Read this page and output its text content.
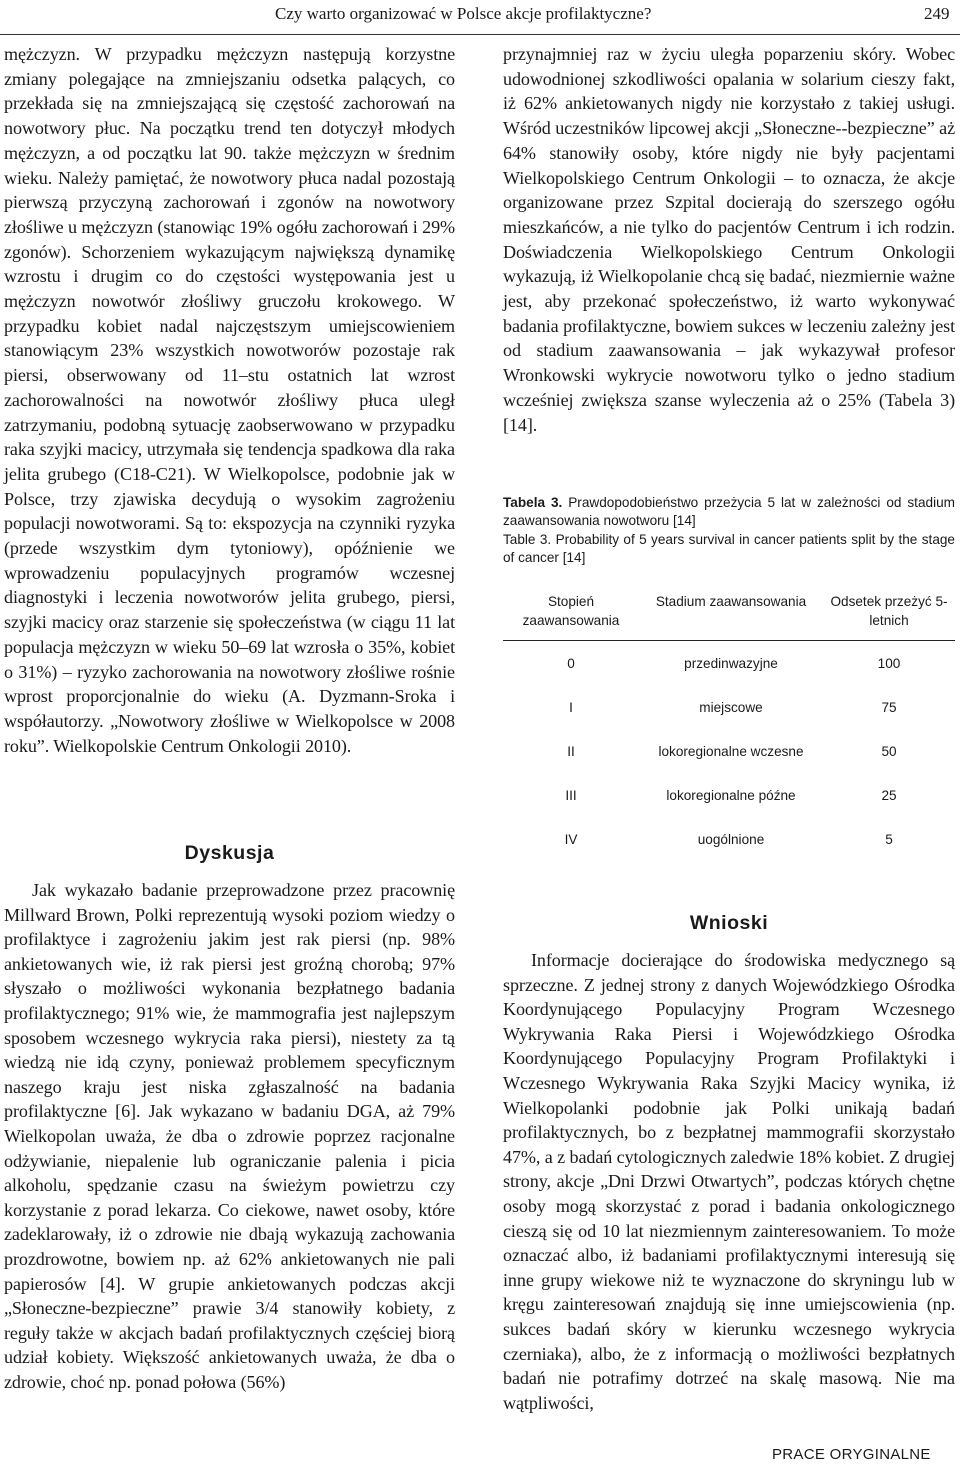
Czy warto organizować w Polsce akcje profilaktyczne?	249

mężczyzn. W przypadku mężczyzn następują korzystne zmiany polegające na zmniejszaniu odsetka palących, co przekłada się na zmniejszającą się częstość zachorowań na nowotwory płuc. Na początku trend ten dotyczył młodych mężczyzn, a od początku lat 90. także mężczyzn w średnim wieku. Należy pamiętać, że nowotwory płuca nadal pozostają pierwszą przyczyną zachorowań i zgonów na nowotwory złośliwe u mężczyzn (stanowiąc 19% ogółu zachorowań i 29% zgonów). Schorzeniem wykazującym największą dynamikę wzrostu i drugim co do częstości występowania jest u mężczyzn nowotwór złośliwy gruczołu krokowego. W przypadku kobiet nadal najczęstszym umiejscowieniem stanowiącym 23% wszystkich nowotworów pozostaje rak piersi, obserwowany od 11–stu ostatnich lat wzrost zachorowalności na nowotwór złośliwy płuca uległ zatrzymaniu, podobną sytuację zaobserwowano w przypadku raka szyjki macicy, utrzymała się tendencja spadkowa dla raka jelita grubego (C18-C21). W Wielkopolsce, podobnie jak w Polsce, trzy zjawiska decydują o wysokim zagrożeniu populacji nowotworami. Są to: ekspozycja na czynniki ryzyka (przede wszystkim dym tytoniowy), opóźnienie we wprowadzeniu populacyjnych programów wczesnej diagnostyki i leczenia nowotworów jelita grubego, piersi, szyjki macicy oraz starzenie się społeczeństwa (w ciągu 11 lat populacja mężczyzn w wieku 50–69 lat wzrosła o 35%, kobiet o 31%) – ryzyko zachorowania na nowotwory złośliwe rośnie wprost proporcjonalnie do wieku (A. Dyzmann-Sroka i współautorzy. „Nowotwory złośliwe w Wielkopolsce w 2008 roku”. Wielkopolskie Centrum Onkologii 2010).

Dyskusja

Jak wykazało badanie przeprowadzone przez pracownię Millward Brown, Polki reprezentują wysoki poziom wiedzy o profilaktyce i zagrożeniu jakim jest rak piersi (np. 98% ankietowanych wie, iż rak piersi jest groźną chorobą; 97% słyszało o możliwości wykonania bezpłatnego badania profilaktycznego; 91% wie, że mammografia jest najlepszym sposobem wczesnego wykrycia raka piersi), niestety za tą wiedzą nie idą czyny, ponieważ problemem specyficznym naszego kraju jest niska zgłaszalność na badania profilaktyczne [6]. Jak wykazano w badaniu DGA, aż 79% Wielkopolan uważa, że dba o zdrowie poprzez racjonalne odżywianie, niepalenie lub ograniczanie palenia i picia alkoholu, spędzanie czasu na świeżym powietrzu czy korzystanie z porad lekarza. Co ciekowe, nawet osoby, które zadeklarowały, iż o zdrowie nie dbają wykazują zachowania prozdrowotne, bowiem np. aż 62% ankietowanych nie pali papierosów [4]. W grupie ankietowanych podczas akcji „Słoneczne-bezpieczne” prawie 3/4 stanowiły kobiety, z reguły także w akcjach badań profilaktycznych częściej biorą udział kobiety. Większość ankietowanych uważa, że dba o zdrowie, choć np. ponad połowa (56%)

przynajmniej raz w życiu uległa poparzeniu skóry. Wobec udowodnionej szkodliwości opalania w solarium cieszy fakt, iż 62% ankietowanych nigdy nie korzystało z takiej usługi. Wśród uczestników lipcowej akcji „Słoneczne--bezpieczne” aż 64% stanowiły osoby, które nigdy nie były pacjentami Wielkopolskiego Centrum Onkologii – to oznacza, że akcje organizowane przez Szpital docierają do szerszego ogółu mieszkańców, a nie tylko do pacjentów Centrum i ich rodzin. Doświadczenia Wielkopolskiego Centrum Onkologii wykazują, iż Wielkopolanie chcą się badać, niezmiernie ważne jest, aby przekonać społeczeństwo, iż warto wykonywać badania profilaktyczne, bowiem sukces w leczeniu zależny jest od stadium zaawansowania – jak wykazywał profesor Wronkowski wykrycie nowotworu tylko o jedno stadium wcześniej zwiększa szanse wyleczenia aż o 25% (Tabela 3) [14].

Tabela 3. Prawdopodobieństwo przeżycia 5 lat w zależności od stadium zaawansowania nowotworu [14]

Table 3. Probability of 5 years survival in cancer patients split by the stage of cancer [14]

Stopień zaawansowania	Stadium zaawansowania	Odsetek przeżyć 5-letnich
0	przedinwazyjne	100
I	miejscowe	75
II	lokoregionalne wczesne	50
III	lokoregionalne późne	25
IV	uogólnione	5
Wnioski

Informacje docierające do środowiska medycznego są sprzeczne. Z jednej strony z danych Wojewódzkiego Ośrodka Koordynującego Populacyjny Program Wczesnego Wykrywania Raka Piersi i Wojewódzkiego Ośrodka Koordynującego Populacyjny Program Profilaktyki i Wczesnego Wykrywania Raka Szyjki Macicy wynika, iż Wielkopolanki podobnie jak Polki unikają badań profilaktycznych, bo z bezpłatnej mammografii skorzystało 47%, a z badań cytologicznych zaledwie 18% kobiet. Z drugiej strony, akcje „Dni Drzwi Otwartych”, podczas których chętne osoby mogą skorzystać z porad i badania onkologicznego cieszą się od 10 lat niezmiennym zainteresowaniem. To może oznaczać albo, iż badaniami profilaktycznymi interesują się inne grupy wiekowe niż te wyznaczone do skryningu lub w kręgu zainteresowań znajdują się inne umiejscowienia (np. sukces badań skóry w kierunku wczesnego wykrycia czerniaka), albo, że z informacją o możliwości bezpłatnych badań nie potrafimy dotrzeć na skalę masową. Nie ma wątpliwości,

PRACE ORYGINALNE
